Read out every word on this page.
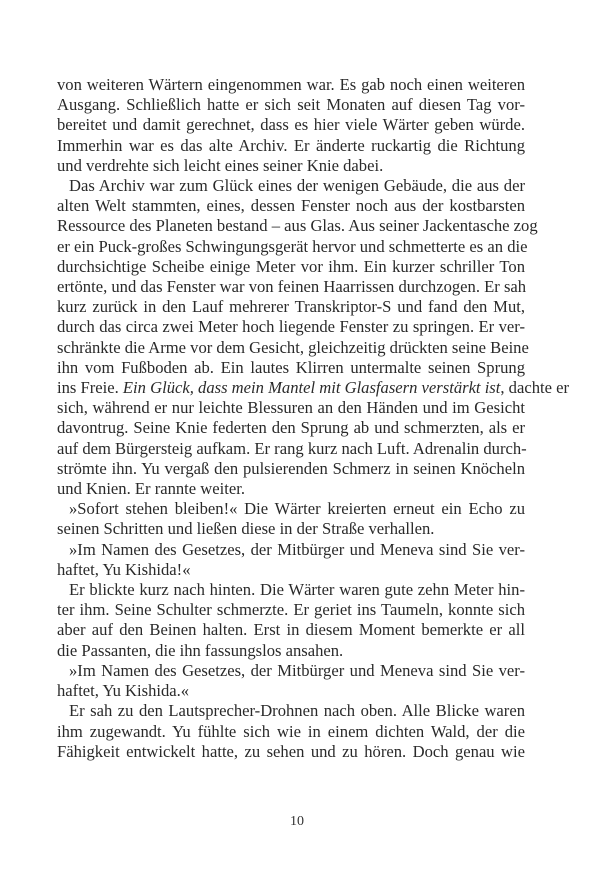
von weiteren Wärtern eingenommen war. Es gab noch einen weiteren
Ausgang. Schließlich hatte er sich seit Monaten auf diesen Tag vor-
bereitet und damit gerechnet, dass es hier viele Wärter geben würde.
Immerhin war es das alte Archiv. Er änderte ruckartig die Richtung
und verdrehte sich leicht eines seiner Knie dabei.

Das Archiv war zum Glück eines der wenigen Gebäude, die aus der
alten Welt stammten, eines, dessen Fenster noch aus der kostbarsten
Ressource des Planeten bestand – aus Glas. Aus seiner Jackentasche zog
er ein Puck-großes Schwingungsgerät hervor und schmetterte es an die
durchsichtige Scheibe einige Meter vor ihm. Ein kurzer schriller Ton
ertönte, und das Fenster war von feinen Haarrissen durchzogen. Er sah
kurz zurück in den Lauf mehrerer Transkriptor-S und fand den Mut,
durch das circa zwei Meter hoch liegende Fenster zu springen. Er ver-
schränkte die Arme vor dem Gesicht, gleichzeitig drückten seine Beine
ihn vom Fußboden ab. Ein lautes Klirren untermalte seinen Sprung
ins Freie. Ein Glück, dass mein Mantel mit Glasfasern verstärkt ist, dachte er
sich, während er nur leichte Blessuren an den Händen und im Gesicht
davontrug. Seine Knie federten den Sprung ab und schmerzten, als er
auf dem Bürgersteig aufkam. Er rang kurz nach Luft. Adrenalin durch-
strömte ihn. Yu vergaß den pulsierenden Schmerz in seinen Knöcheln
und Knien. Er rannte weiter.

»Sofort stehen bleiben!« Die Wärter kreierten erneut ein Echo zu
seinen Schritten und ließen diese in der Straße verhallen.

»Im Namen des Gesetzes, der Mitbürger und Meneva sind Sie ver-
haftet, Yu Kishida!«

Er blickte kurz nach hinten. Die Wärter waren gute zehn Meter hin-
ter ihm. Seine Schulter schmerzte. Er geriet ins Taumeln, konnte sich
aber auf den Beinen halten. Erst in diesem Moment bemerkte er all
die Passanten, die ihn fassungslos ansahen.

»Im Namen des Gesetzes, der Mitbürger und Meneva sind Sie ver-
haftet, Yu Kishida.«

Er sah zu den Lautsprecher-Drohnen nach oben. Alle Blicke waren
ihm zugewandt. Yu fühlte sich wie in einem dichten Wald, der die
Fähigkeit entwickelt hatte, zu sehen und zu hören. Doch genau wie

10
